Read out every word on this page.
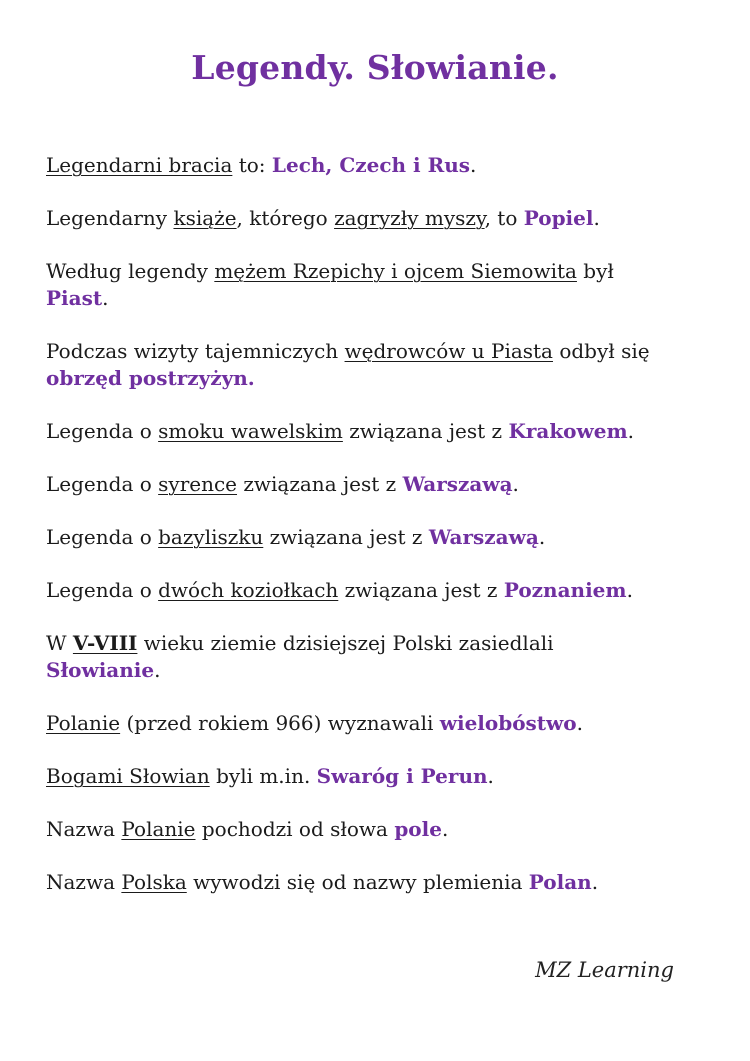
Legendy. Słowianie.

Legendarni bracia to: Lech, Czech i Rus.

Legendarny książe, którego zagryzły myszy, to Popiel.

Według legendy mężem Rzepichy i ojcem Siemowita był
Piast.

Podczas wizyty tajemniczych wędrowców u Piasta odbył się
obrzęd postrzyżyn.

Legenda o smoku wawelskim związana jest z Krakowem.

Legenda o syrence związana jest z Warszawą.

Legenda o bazyliszku związana jest z Warszawą.

Legenda o dwóch koziołkach związana jest z Poznaniem.

W V-VIII wieku ziemie dzisiejszej Polski zasiedlali
Słowianie.

Polanie (przed rokiem 966) wyznawali wielobóstwo.

Bogami Słowian byli m.in. Swaróg i Perun.

Nazwa Polanie pochodzi od słowa pole.

Nazwa Polska wywodzi się od nazwy plemienia Polan.

MZ Learning
